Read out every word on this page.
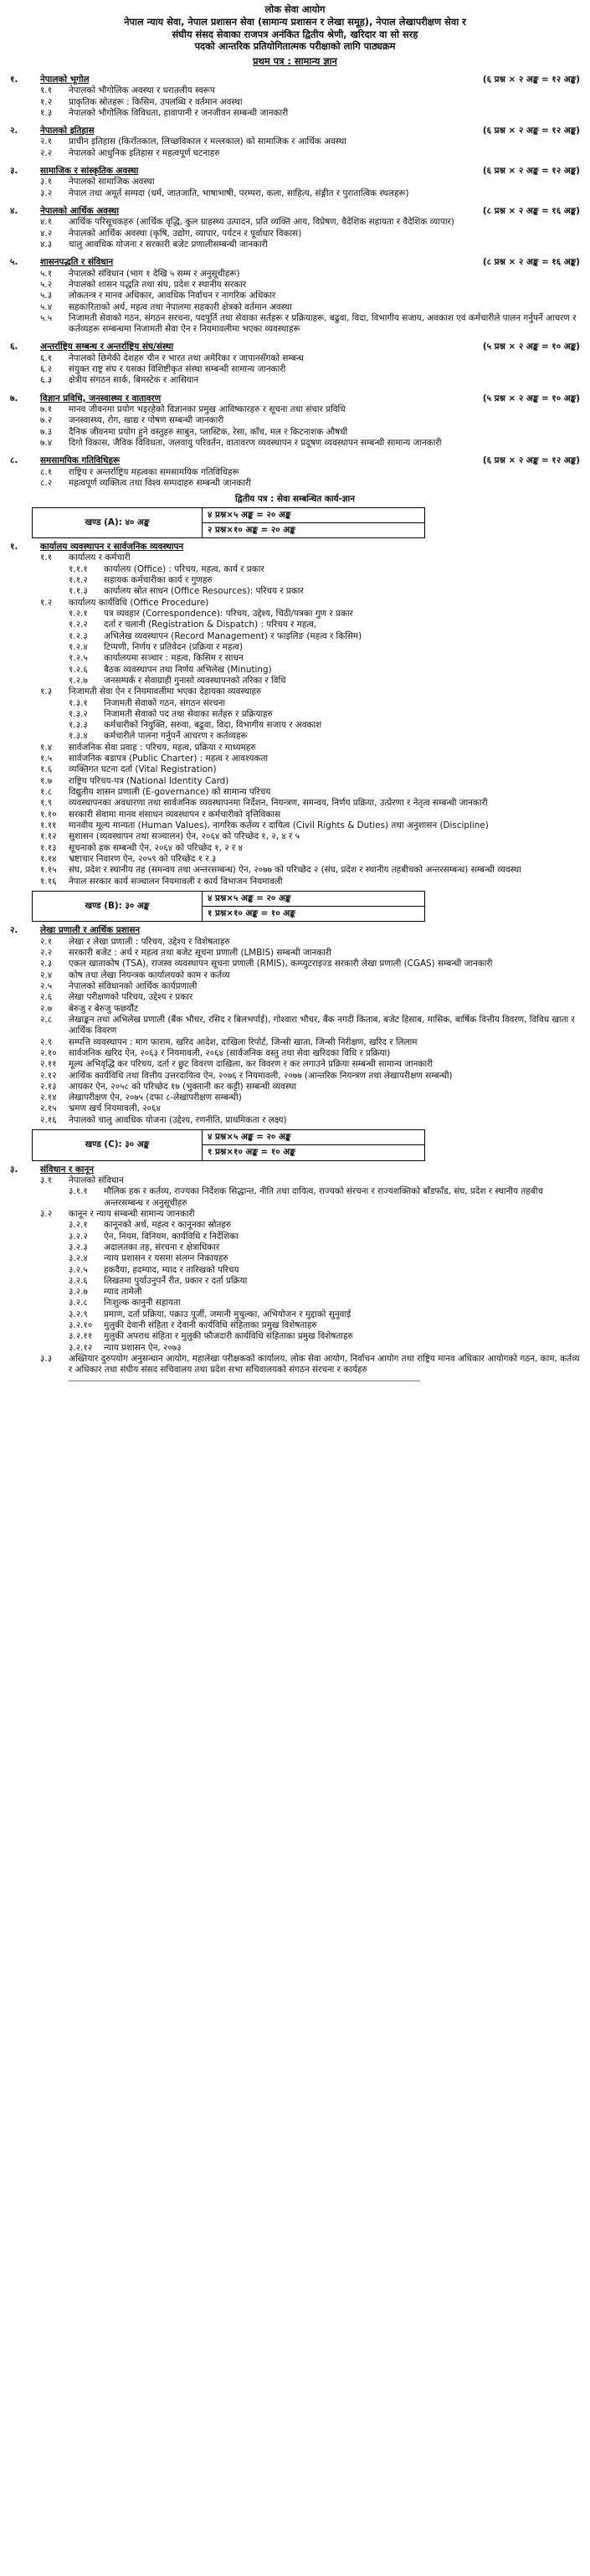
लोक सेवा आयोग
नेपाल न्याय सेवा, नेपाल प्रशासन सेवा (सामान्य प्रशासन र लेखा समूह), नेपाल लेखापरीक्षण सेवा र
संघीय संसद सेवाका राजपत्र अनंकित द्वितीय श्रेणी, खरिदार वा सो सरह
पदको आन्तरिक प्रतियोगितात्मक परीक्षाको लागि पाठ्यक्रम
प्रथम पत्र : सामान्य ज्ञान
१.	नेपालको भूगोल	(६ प्रश्न × २ अङ्क = १२ अङ्क)
१.१	नेपालको भौगोलिक अवस्था र धरातलीय स्वरूप
१.२	प्राकृतिक स्रोतहरू : किसिम, उपलब्धि र वर्तमान अवस्था
१.३	नेपालको भौगोलिक विविधता, हावापानी र जनजीवन सम्बन्धी जानकारी
२.	नेपालको इतिहास	(६ प्रश्न × २ अङ्क = १२ अङ्क)
२.१	प्राचीन इतिहास (किराँतकाल, लिच्छविकाल र मल्लकाल) को सामाजिक र आर्थिक अवस्था
२.२	नेपालको आधुनिक इतिहास र महत्वपूर्ण घटनाहरु
३.	सामाजिक र सांस्कृतिक अवस्था	(६ प्रश्न × २ अङ्क = १२ अङ्क)
३.१	नेपालको सामाजिक अवस्था
३.२	नेपाल तथा अमूर्त सम्पदा (धर्म, जातजाति, भाषाभाषी, परम्परा, कला, साहित्य, संङ्गीत र पुरातात्विक स्थलहरू)
४.	नेपालको आर्थिक अवस्था	(८ प्रश्न × २ अङ्क = १६ अङ्क)
४.१	आर्थिक परिसूचकहरु (आर्थिक वृद्धि, कुल ग्राहस्थ्य उत्पादन, प्रति व्यक्ति आय, विप्रेषण, वैदेशिक सहायता र वैदेशिक व्यापार)
४.२	नेपालको आर्थिक अवस्था (कृषि, उद्योग, व्यापार, पर्यटन र पूर्वाधार विकास)
४.३	चालु आवधिक योजना र सरकारी बजेट प्रणालीसम्बन्धी जानकारी
५.	शासनपद्धति र संविधान	(८ प्रश्न × २ अङ्क = १६ अङ्क)
५.१	नेपालको संविधान (भाग १ देखि ५ सम्म र अनुसूचीहरू)
५.२	नेपालको शासन पद्धति तथा संघ, प्रदेश र स्थानीय सरकार
५.३	लोकतन्त्र र मानव अधिकार, आवधिक निर्वाचन र नागरिक अधिकार
५.४	सहकारिताको अर्थ, महत्व तथा नेपालमा सहकारी क्षेत्रको वर्तमान अवस्था
५.५	निजामती सेवाको गठन, संगठन सरचना, पदपूर्ति तथा सेवाका सर्तहरू र प्रक्रियाहरू, बढुवा, विदा, विभागीय सजाय, अवकाश एवं कर्मचारीले पालन गर्नुपर्ने आचरण र कर्तव्यहरू सम्बन्धमा निजामती सेवा ऐन र नियमावलीमा भएका व्यवस्थाहरू
६.	अन्तर्राष्ट्रिय सम्बन्ध र अन्तर्राष्ट्रिय संघ/संस्था	(५ प्रश्न × २ अङ्क = १० अङ्क)
६.१	नेपालको छिमेकी देशहरु चीन र भारत तथा अमेरिका र जापानसँगको सम्बन्ध
६.२	संयुक्त राष्ट्र संघ र यसका विशिष्टीकृत संस्था सम्बन्धी सामान्य जानकारी
६.३	क्षेत्रीय संगठन सार्क, बिमस्टेक र आसियान
७.	विज्ञान प्रविधि, जनस्वास्थ्य र वातावरण	(५ प्रश्न × २ अङ्क = १० अङ्क)
७.१	मानव जीवनमा प्रयोग भइरहेको विज्ञानका प्रमुख आविष्कारहरु र सूचना तथा संचार प्रविधि
७.२	जनस्वास्थ्य, रोग, खाद्य र पोषण सम्बन्धी जानकारी
७.३	दैनिक जीवनमा प्रयोग हुने वस्तुहरु साबुन, प्लास्टिक, रेसा, काँच, मल र किटनाशक औषधी
७.४	दिगो विकास, जैविक विविधता, जलवायु परिवर्तन, वातावरण व्यवस्थापन र प्रदूषण व्यवस्थापन सम्बन्धी सामान्य जानकारी
८.	समसामयिक गतिविधिहरू	(६ प्रश्न × २ अङ्क = १२ अङ्क)
८.१	राष्ट्रिय र अन्तर्राष्ट्रिय महत्वका समसामयिक गतिविधिहरू
८.२	महत्वपूर्ण व्यक्तित्व तथा विश्व सम्पदाहरु सम्बन्धी जानकारी
द्वितीय पत्र : सेवा सम्बन्धित कार्य-ज्ञान
खण्ड (A): ४० अङ्क	४ प्रश्न×५ अङ्क = २० अङ्क
२ प्रश्न×१० अङ्क = २० अङ्क
१.	कार्यालय व्यवस्थापन र सार्वजनिक व्यवस्थापन
१.१	कार्यालय र कर्मचारी
१.१.१	कार्यालय (Office) : परिचय, महत्व, कार्य र प्रकार
१.१.२	सहायक कर्मचारीका कार्य र गुणहरु
१.१.३	कार्यालय स्रोत साधन (Office Resources): परिचय र प्रकार
१.२	कार्यालय कार्यविधि (Office Procedure)
१.२.१	पत्र व्यवहार (Correspondence): परिचय, उद्देश्य, चिठी/पत्रका गुण र प्रकार
१.२.२	दर्ता र चलानी (Registration & Dispatch) : परिचय र महत्व,
१.२.३	अभिलेख व्यवस्थापन (Record Management) र फाइलिङ (महत्व र किसिम)
१.२.४	टिप्पणी, निर्णय र प्रतिवेदन (प्रक्रिया र महत्व)
१.२.५	कार्यालयमा सञ्चार : महत्व, किसिम र साधन
१.२.६	बैठक व्यवस्थापन तथा निर्णय अभिलेख (Minuting)
१.२.७	जनसम्पर्क र सेवाग्राही गुनासो व्यवस्थापनको तरिका र विधि
१.३	निजामती सेवा ऐन र नियमावलीमा भएका देहायका व्यवस्थाहरु
१.३.१	निजामती सेवाको गठन, संगठन संरचना
१.३.२	निजामती सेवाको पद तथा सेवाका सर्तहरु र प्रक्रियाहरु
१.३.३	कर्मचारीको नियुक्ति, सरुवा, बढुवा, विदा, विभागीय सजाय र अवकाश
१.३.४	कर्मचारीले पालना गर्नुपर्ने आचरण र कर्तव्यहरू
१.४	सार्वजनिक सेवा प्रवाह : परिचय, महत्व, प्रक्रिया र माध्यमहरु
१.५	सार्वजनिक बडापत्र (Public Charter) : महत्व र आवश्यकता
१.६	व्यक्तिगत घटना दर्ता (Vital Registration)
१.७	राष्ट्रिय परिचय-पत्र (National Identity Card)
१.८	विद्युतीय शासन प्रणाली (E-governance) को सामान्य परिचय
१.९	व्यवस्थापनका अवधारणा तथा सार्वजनिक व्यवस्थापनमा निर्देशन, नियन्त्रण, समन्वय, निर्णय प्रक्रिया, उत्प्रेरणा र नेतृत्व सम्बन्धी जानकारी
१.१०	सरकारी सेवामा मानव संसाधन व्यवस्थापन र कर्मचारीको वृत्तिविकास
१.११	मानवीय मूल्य मान्यता (Human Values), नागरिक कर्तव्य र दायित्व (Civil Rights & Duties) तथा अनुशासन (Discipline)
१.१२	सुशासन (व्यवस्थापन तथा सञ्चालन) ऐन, २०६४ को परिच्छेद १, २, ४ र ५
१.१३	सूचनाको हक सम्बन्धी ऐन, २०६४ को परिच्छेद १, २ र ४
१.१४	भ्रष्टाचार निवारण ऐन, २०५९ को परिच्छेद १ र ३
१.१५	संघ, प्रदेश र स्थानीय तह (समन्वय तथा अन्तरसम्बन्ध) ऐन, २०७७ को परिच्छेद २ (संघ, प्रदेश र स्थानीय तहबीचको अन्तरसम्बन्ध) सम्बन्धी व्यवस्था
१.१६	नेपाल सरकार कार्य सञ्चालन नियमावली र कार्य विभाजन नियमावली
खण्ड (B): ३० अङ्क	४ प्रश्न×५ अङ्क = २० अङ्क
१ प्रश्न×१० अङ्क = १० अङ्क
२.	लेखा प्रणाली र आर्थिक प्रशासन
२.१	लेखा र लेखा प्रणाली : परिचय, उद्देश्य र विशेषताहरु
२.२	सरकारी बजेट : अर्थ र महत्व तथा बजेट सूचना प्रणाली (LMBIS) सम्बन्धी जानकारी
२.३	एकल खाताकोष (TSA), राजस्व व्यवस्थापन सूचना प्रणाली (RMIS), कम्प्युटराइज्ड सरकारी लेखा प्रणाली (CGAS) सम्बन्धी जानकारी
२.४	कोष तथा लेखा नियन्त्रक कार्यालयको काम र कर्तव्य
२.५	नेपालको संविधानको आर्थिक कार्यप्रणाली
२.६	लेखा परीक्षणको परिचय, उद्देश्य र प्रकार
२.७	बेरुजु र बेरुजु फछर्यौट
२.८	लेखाङ्कन तथा अभिलेख प्रणाली (बैंक भौचर, रसिद र बिलभर्पाई), गोश्वारा भौचर, बैंक नगदी किताब, बजेट हिसाब, मासिक, बार्षिक वित्तीय विवरण, विविध खाता र आर्थिक विवरण
२.९	सम्पत्ति व्यवस्थापन : माग फाराम, खरिद आदेश, दाखिला रिपोर्ट, जिन्सी खाता, जिन्सी निरीक्षण, खरिद र लिलाम
२.१०	सार्वजनिक खरिद ऐन, २०६३ र नियमावली, २०६४ (सार्वजनिक वस्तु तथा सेवा खरिदका विधि र प्रक्रिया)
२.११	मूल्य अभिवृद्धि कर परिचय, दर्ता र छुट विवरण दाखिला, कर विवरण र कर लगाउने प्रक्रिया सम्बन्धी सामान्य जानकारी
२.१२	आर्थिक कार्यविधि तथा वित्तीय उत्तरदायित्व ऐन, २०७६ र नियमावली, २०७७ (आन्तरिक नियन्त्रण तथा लेखापरीक्षण सम्बन्धी)
२.१३	आयकर ऐन, २०५८ को परिच्छेद १७ (भुक्तानी कर कट्टी) सम्बन्धी व्यवस्था
२.१४	लेखापरीक्षण ऐन, २०७५ (दफा ८-लेखापरीक्षण सम्बन्धी)
२.१५	भ्रमण खर्च नियमावली, २०६४
२.१६	नेपालको चालु आवधिक योजना (उद्देश्य, रणनीति, प्राथमिकता र लक्ष्य)
खण्ड (C): ३० अङ्क	४ प्रश्न×५ अङ्क = २० अङ्क
१ प्रश्न×१० अङ्क = १० अङ्क
३.	संविधान र कानून
३.१	नेपालको संविधान
३.१.१	मौलिक हक र कर्तव्य, राज्यका निर्देशक सिद्धान्त, नीति तथा दायित्व, राज्यको संरचना र राज्यशक्तिको बाँडफाँड, संघ, प्रदेश र स्थानीय तहबीच अन्तरसम्बन्ध र अनुसूचीहरु
३.२	कानून र न्याय सम्बन्धी सामान्य जानकारी
३.२.१	कानूनको अर्थ, महत्व र कानूनका स्रोतहरु
३.२.२	ऐन, नियम, विनियम, कार्यविधि र निर्देशिका
३.२.३	अदालतका तह, संरचना र क्षेत्राधिकार
३.२.४	न्याय प्रशासन र यसमा संलग्न निकायहरु
३.२.५	हकदैया, हदम्याद, म्याद र तारिखको परिचय
३.२.६	लिखतमा पुर्याउनुपर्ने रीत, प्रकार र दर्ता प्रक्रिया
३.२.७	म्याद तामेली
३.२.८	निःशुल्क कानुनी सहायता
३.२.९	प्रमाण, दर्ता प्रक्रिया, पक्राउ पूर्जी, जमानी मुचुल्का, अभियोजन र मुद्दाको सुनुवाई
३.२.१०	मुलुकी देवानी संहिता र देवानी कार्यविधि संहिताका प्रमुख विशेषताहरु
३.२.११	मुलुकी अपराध संहिता र मुलुकी फौजदारी कार्यविधि संहिताका प्रमुख विशेषताहरु
३.२.१२	न्याय प्रशासन ऐन, २०७३
३.३	अख्तियार दुरुपयोग अनुसन्धान आयोग, महालेखा परीक्षकको कार्यालय, लोक सेवा आयोग, निर्वाचन आयोग तथा राष्ट्रिय मानव अधिकार आयोगको गठन, काम, कर्तव्य र अधिकार तथा संघीय संसद सचिवालय तथा प्रदेश सभा सचिवालयको संगठन संरचना र कार्यहरु
